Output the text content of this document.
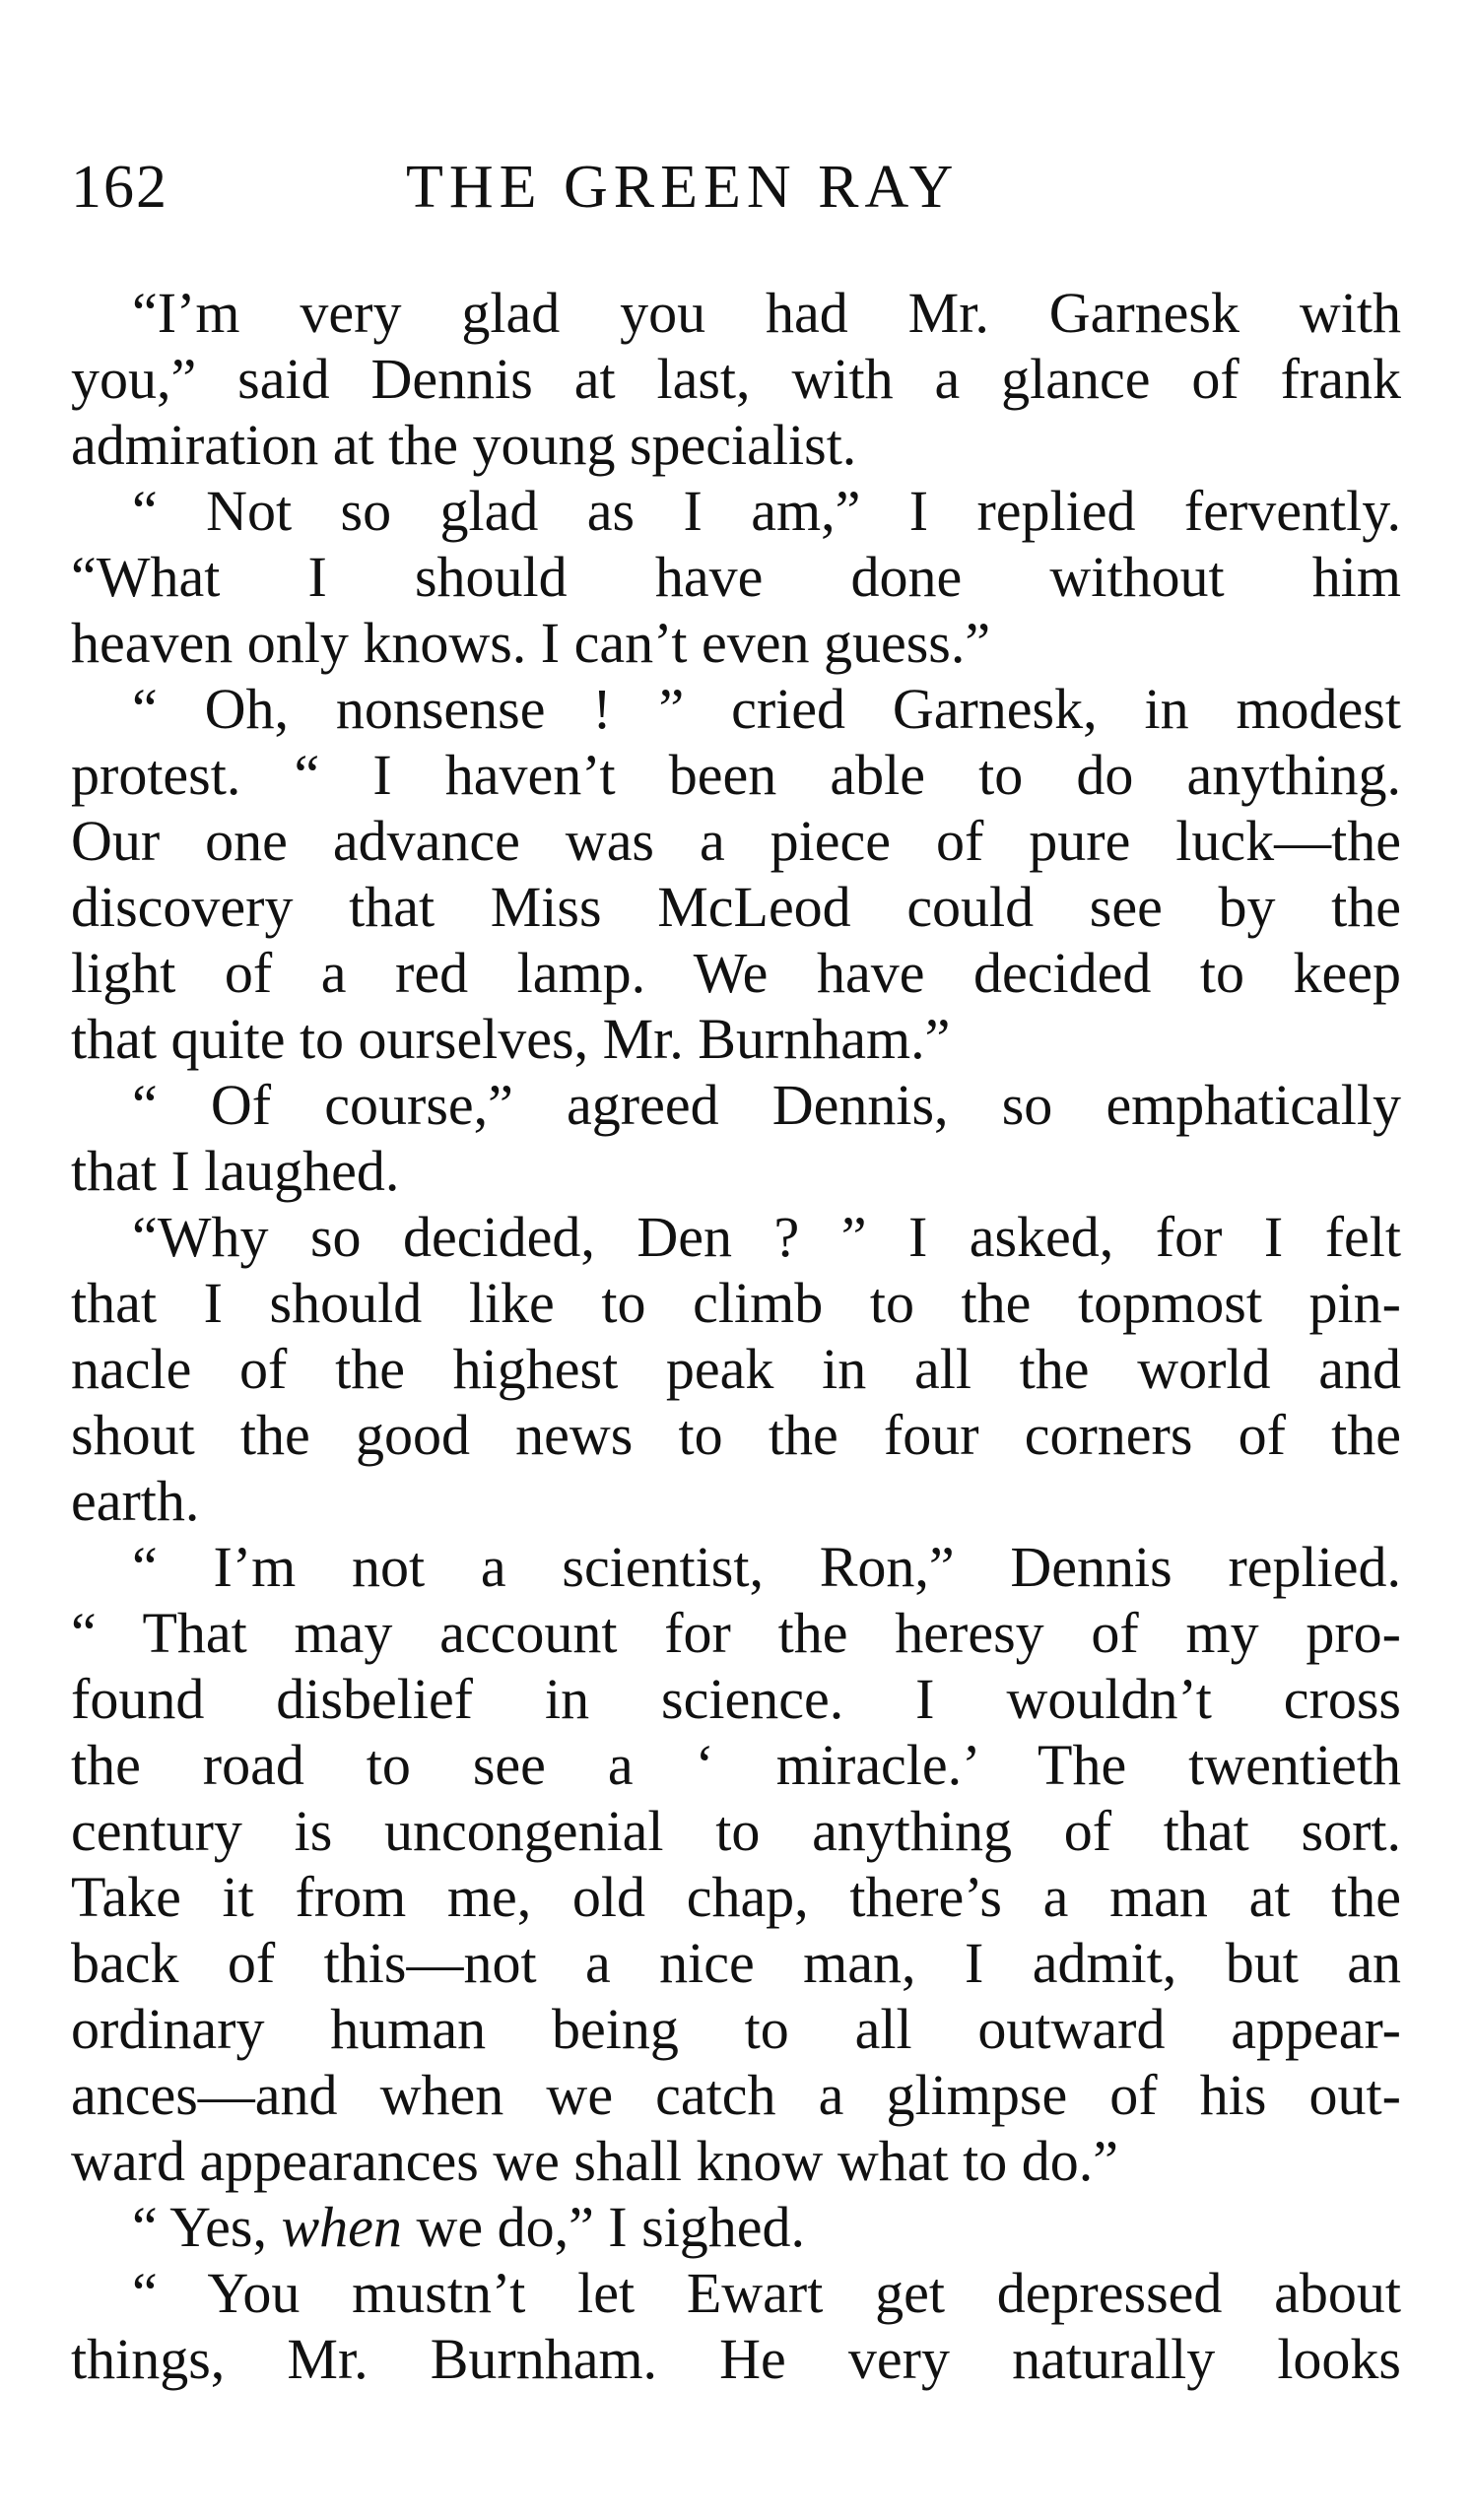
162	THE GREEN RAY
“I’m very glad you had Mr. Garnesk with
you,” said Dennis at last, with a glance of frank
admiration at the young specialist.
“ Not so glad as I am,” I replied fervently.
“What I should have done without him
heaven only knows. I can’t even guess.”
“ Oh, nonsense ! ” cried Garnesk, in modest
protest. “ I haven’t been able to do anything.
Our one advance was a piece of pure luck—the
discovery that Miss McLeod could see by the
light of a red lamp. We have decided to keep
that quite to ourselves, Mr. Burnham.”
“ Of course,” agreed Dennis, so emphatically
that I laughed.
“Why so decided, Den ? ” I asked, for I felt
that I should like to climb to the topmost pin-
nacle of the highest peak in all the world and
shout the good news to the four corners of the
earth.
“ I’m not a scientist, Ron,” Dennis replied.
“ That may account for the heresy of my pro-
found disbelief in science. I wouldn’t cross
the road to see a ‘ miracle.’ The twentieth
century is uncongenial to anything of that sort.
Take it from me, old chap, there’s a man at the
back of this—not a nice man, I admit, but an
ordinary human being to all outward appear-
ances—and when we catch a glimpse of his out-
ward appearances we shall know what to do.”
“ Yes, when we do,” I sighed.
“ You mustn’t let Ewart get depressed about
things, Mr. Burnham. He very naturally looks
